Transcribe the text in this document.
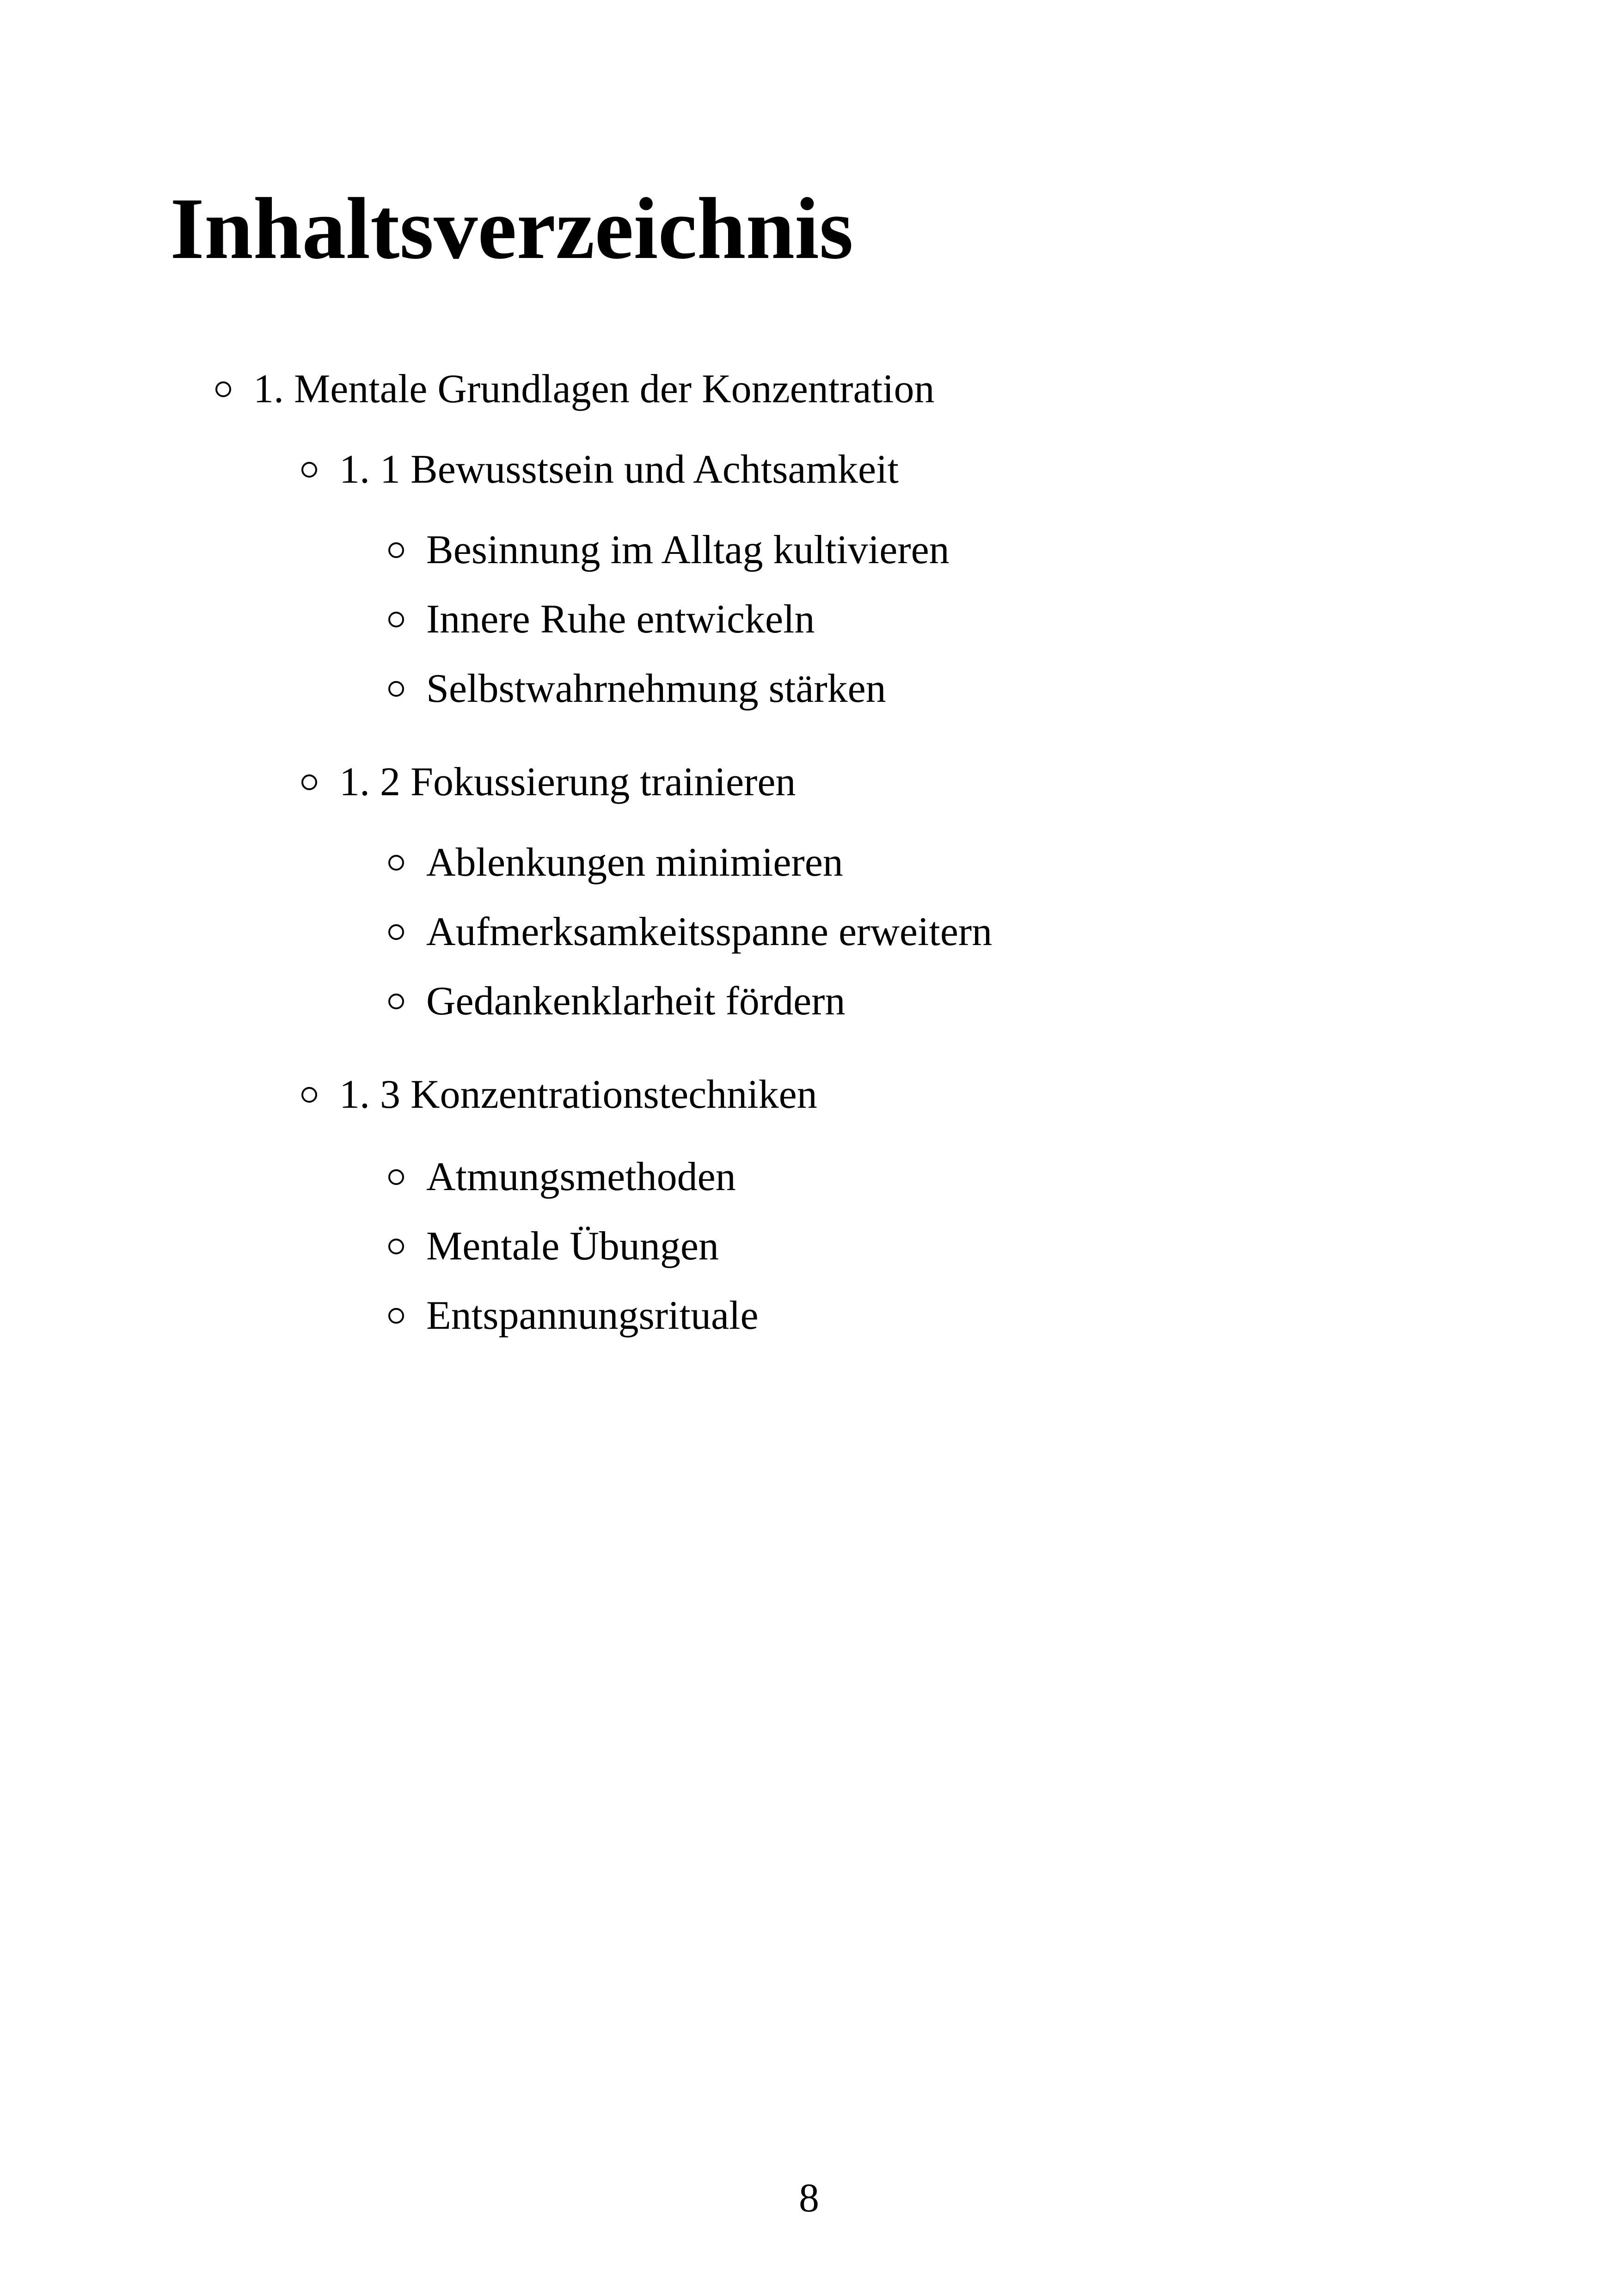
Inhaltsverzeichnis
1. Mentale Grundlagen der Konzentration
1. 1 Bewusstsein und Achtsamkeit
Besinnung im Alltag kultivieren
Innere Ruhe entwickeln
Selbstwahrnehmung stärken
1. 2 Fokussierung trainieren
Ablenkungen minimieren
Aufmerksamkeitsspanne erweitern
Gedankenklarheit fördern
1. 3 Konzentrationstechniken
Atmungsmethoden
Mentale Übungen
Entspannungsrituale

8
